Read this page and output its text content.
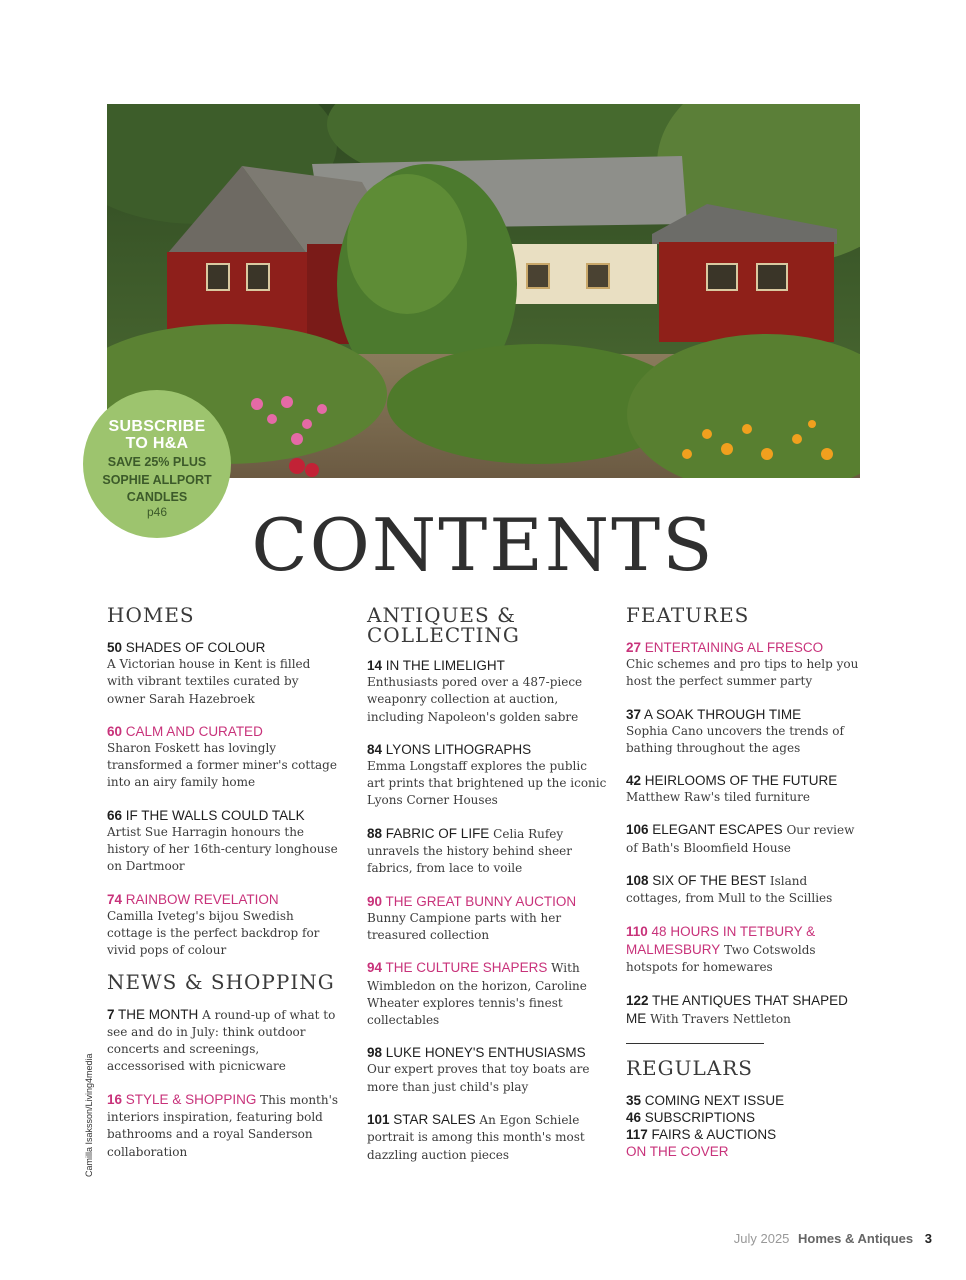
SUBSCRIBE
TO H&A
SAVE 25% PLUS
SOPHIE ALLPORT
CANDLES
p46	CONTENTS
HOMES
50 SHADES OF COLOUR
A Victorian house in Kent is filled with vibrant textiles curated by owner Sarah Hazebroek
60 CALM AND CURATED
Sharon Foskett has lovingly transformed a former miner's cottage into an airy family home
66 IF THE WALLS COULD TALK
Artist Sue Harragin honours the history of her 16th-century longhouse on Dartmoor
74 RAINBOW REVELATION
Camilla Iveteg's bijou Swedish cottage is the perfect backdrop for vivid pops of colour
NEWS & SHOPPING
7 THE MONTH A round-up of what to see and do in July: think outdoor concerts and screenings, accessorised with picnicware
16 STYLE & SHOPPING This month's interiors inspiration, featuring bold bathrooms and a royal Sanderson collaboration
ANTIQUES &
COLLECTING
14 IN THE LIMELIGHT
Enthusiasts pored over a 487-piece weaponry collection at auction, including Napoleon's golden sabre
84 LYONS LITHOGRAPHS
Emma Longstaff explores the public art prints that brightened up the iconic Lyons Corner Houses
88 FABRIC OF LIFE Celia Rufey unravels the history behind sheer fabrics, from lace to voile
90 THE GREAT BUNNY AUCTION
Bunny Campione parts with her treasured collection
94 THE CULTURE SHAPERS With Wimbledon on the horizon, Caroline Wheater explores tennis's finest collectables
98 LUKE HONEY'S ENTHUSIASMS
Our expert proves that toy boats are more than just child's play
101 STAR SALES An Egon Schiele portrait is among this month's most dazzling auction pieces
FEATURES
27 ENTERTAINING AL FRESCO
Chic schemes and pro tips to help you host the perfect summer party
37 A SOAK THROUGH TIME
Sophia Cano uncovers the trends of bathing throughout the ages
42 HEIRLOOMS OF THE FUTURE
Matthew Raw's tiled furniture
106 ELEGANT ESCAPES Our review of Bath's Bloomfield House
108 SIX OF THE BEST Island cottages, from Mull to the Scillies
110 48 HOURS IN TETBURY & MALMESBURY Two Cotswolds hotspots for homewares
122 THE ANTIQUES THAT SHAPED ME With Travers Nettleton
REGULARS
35 COMING NEXT ISSUE
46 SUBSCRIPTIONS
117 FAIRS & AUCTIONS
ON THE COVER
Camilla Isaksson/Living4media
July 2025 Homes & Antiques 3
